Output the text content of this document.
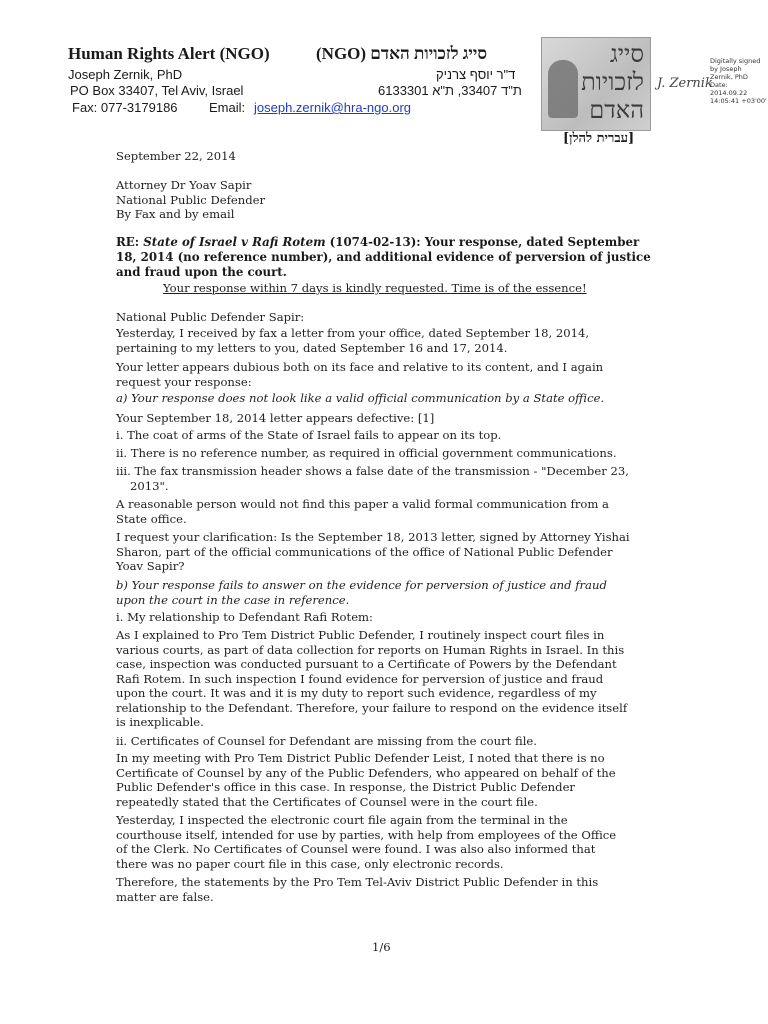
Human Rights Alert (NGO)	(NGO) סייג לזכויות האדם
Joseph Zernik, PhD	ד"ר יוסף צרניק
PO Box 33407, Tel Aviv, Israel	ת"ד 33407, ת"א 6133301
Fax: 077-3179186 Email: joseph.zernik@hra-ngo.org
סייג
לזכויות
האדם
J. Zernik
Digitally signed
by Joseph
Zernik, PhD
Date:
2014.09.22
14:05:41 +03'00'
[עברית להלן]
September 22, 2014
Attorney Dr Yoav Sapir
National Public Defender
By Fax and by email
RE: State of Israel v Rafi Rotem (1074-02-13): Your response, dated September 18, 2014 (no reference number), and additional evidence of perversion of justice and fraud upon the court.
Your response within 7 days is kindly requested. Time is of the essence!
National Public Defender Sapir:
Yesterday, I received by fax a letter from your office, dated September 18, 2014,
pertaining to my letters to you, dated September 16 and 17, 2014.
Your letter appears dubious both on its face and relative to its content, and I again
request your response:
a) Your response does not look like a valid official communication by a State office.
Your September 18, 2014 letter appears defective: [1]
i. The coat of arms of the State of Israel fails to appear on its top.
ii. There is no reference number, as required in official government communications.
iii. The fax transmission header shows a false date of the transmission - "December 23,
2013".
A reasonable person would not find this paper a valid formal communication from a
State office.
I request your clarification: Is the September 18, 2013 letter, signed by Attorney Yishai
Sharon, part of the official communications of the office of National Public Defender
Yoav Sapir?
b) Your response fails to answer on the evidence for perversion of justice and fraud
upon the court in the case in reference.
i. My relationship to Defendant Rafi Rotem:
As I explained to Pro Tem District Public Defender, I routinely inspect court files in
various courts, as part of data collection for reports on Human Rights in Israel. In this
case, inspection was conducted pursuant to a Certificate of Powers by the Defendant
Rafi Rotem. In such inspection I found evidence for perversion of justice and fraud
upon the court. It was and it is my duty to report such evidence, regardless of my
relationship to the Defendant. Therefore, your failure to respond on the evidence itself
is inexplicable.
ii. Certificates of Counsel for Defendant are missing from the court file.
In my meeting with Pro Tem District Public Defender Leist, I noted that there is no
Certificate of Counsel by any of the Public Defenders, who appeared on behalf of the
Public Defender's office in this case. In response, the District Public Defender
repeatedly stated that the Certificates of Counsel were in the court file.
Yesterday, I inspected the electronic court file again from the terminal in the
courthouse itself, intended for use by parties, with help from employees of the Office
of the Clerk. No Certificates of Counsel were found. I was also also informed that
there was no paper court file in this case, only electronic records.
Therefore, the statements by the Pro Tem Tel-Aviv District Public Defender in this
matter are false.
1/6
